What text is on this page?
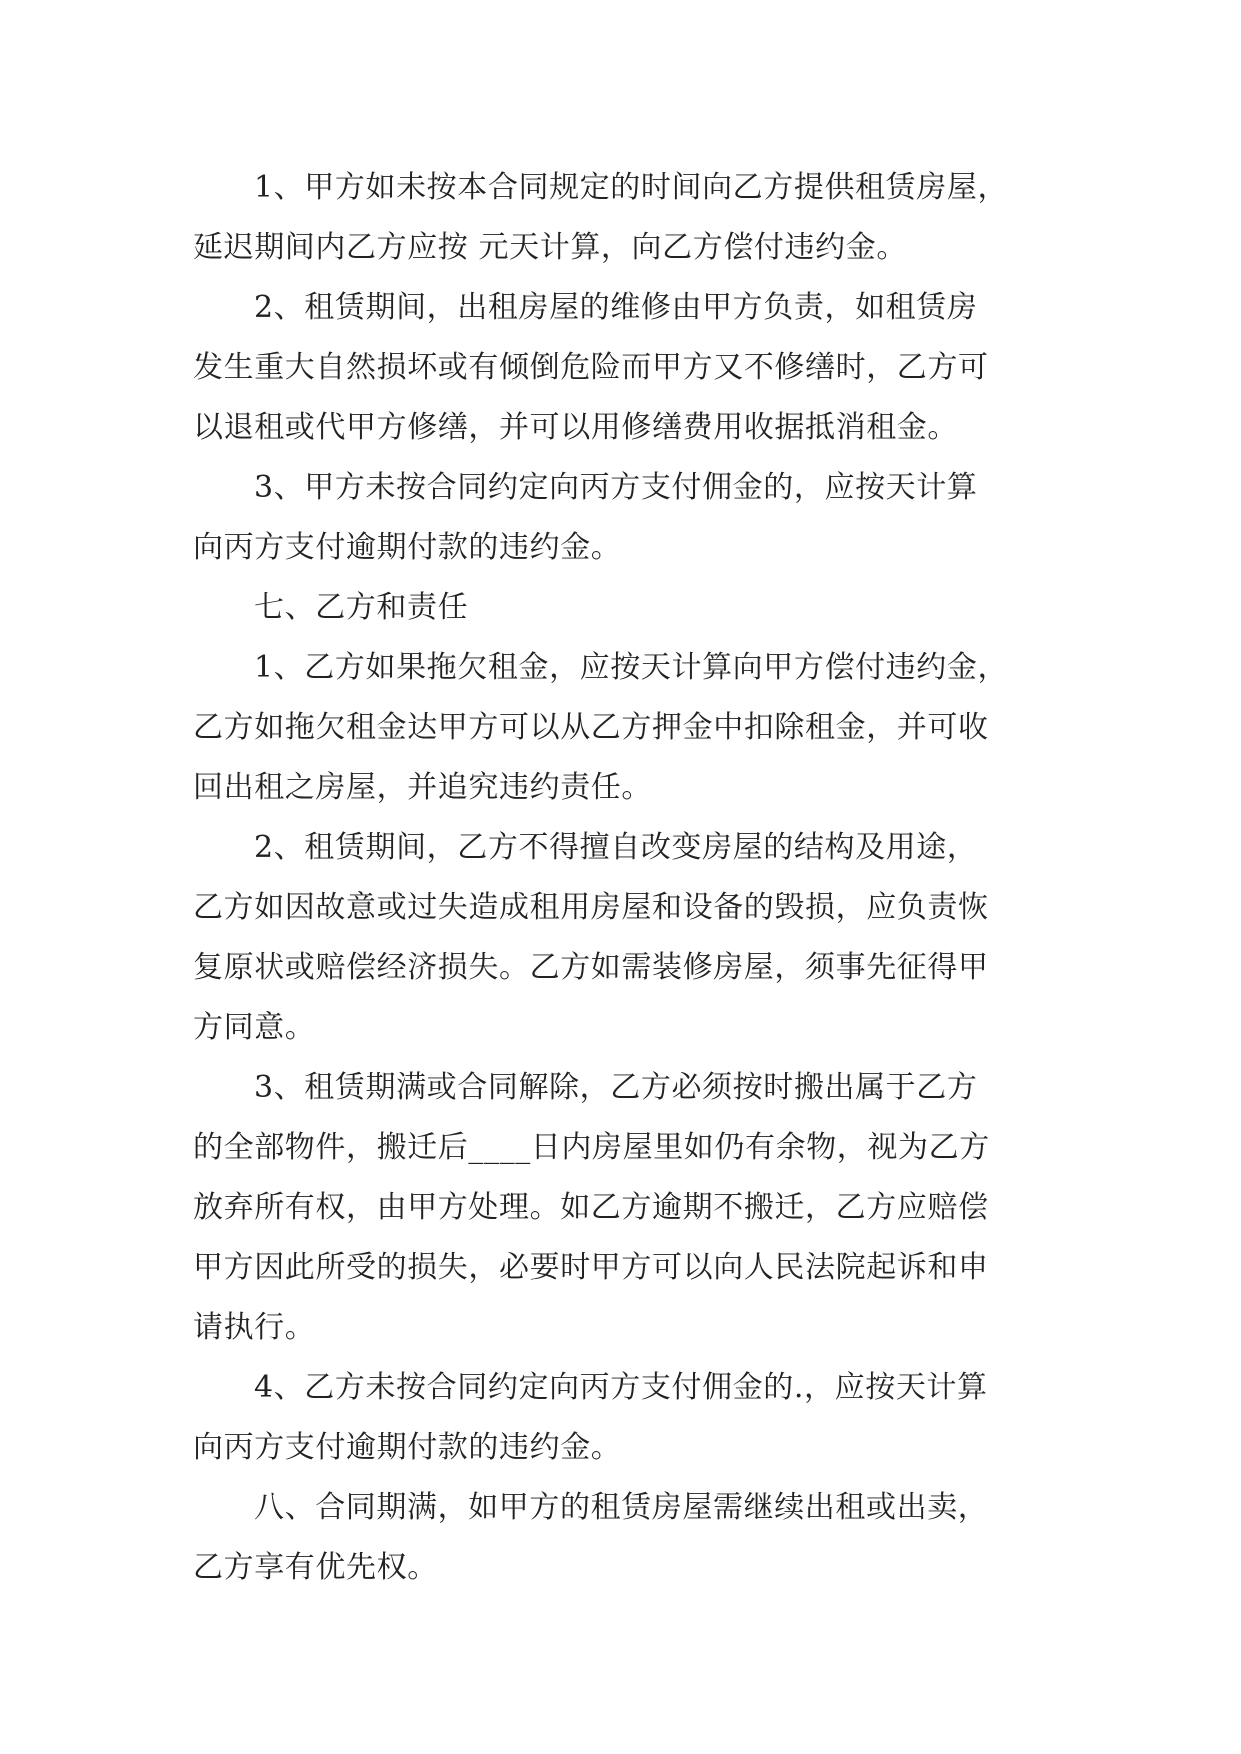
1、甲方如未按本合同规定的时间向乙方提供租赁房屋，
延迟期间内乙方应按 元天计算，向乙方偿付违约金。
2、租赁期间，出租房屋的维修由甲方负责，如租赁房
发生重大自然损坏或有倾倒危险而甲方又不修缮时，乙方可
以退租或代甲方修缮，并可以用修缮费用收据抵消租金。
3、甲方未按合同约定向丙方支付佣金的，应按天计算
向丙方支付逾期付款的违约金。
七、乙方和责任
1、乙方如果拖欠租金，应按天计算向甲方偿付违约金，
乙方如拖欠租金达甲方可以从乙方押金中扣除租金，并可收
回出租之房屋，并追究违约责任。
2、租赁期间，乙方不得擅自改变房屋的结构及用途，
乙方如因故意或过失造成租用房屋和设备的毁损，应负责恢
复原状或赔偿经济损失。乙方如需装修房屋，须事先征得甲
方同意。
3、租赁期满或合同解除，乙方必须按时搬出属于乙方
的全部物件，搬迁后____日内房屋里如仍有余物，视为乙方
放弃所有权，由甲方处理。如乙方逾期不搬迁，乙方应赔偿
甲方因此所受的损失，必要时甲方可以向人民法院起诉和申
请执行。
4、乙方未按合同约定向丙方支付佣金的.，应按天计算
向丙方支付逾期付款的违约金。
八、合同期满，如甲方的租赁房屋需继续出租或出卖，
乙方享有优先权。
